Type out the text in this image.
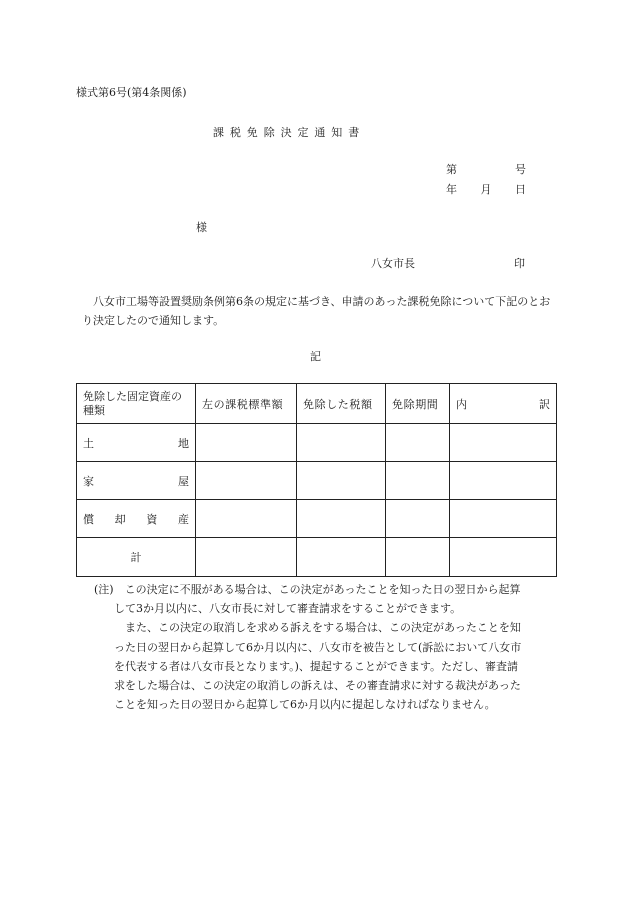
様式第6号(第4条関係)
課税免除決定通知書
第	号
年 月 日
様
八女市長	印
八女市工場等設置奨励条例第6条の規定に基づき、申請のあった課税免除について下記のとおり決定したので通知します。
記
免除した固定資産の種類	左の課税標準額	免除した税額	免除期間	内 訳

土 地				

家 屋				

償 却 資 産				

計				

(注)　この決定に不服がある場合は、この決定があったことを知った日の翌日から起算
して3か月以内に、八女市長に対して審査請求をすることができます。
　また、この決定の取消しを求める訴えをする場合は、この決定があったことを知
った日の翌日から起算して6か月以内に、八女市を被告として(訴訟において八女市
を代表する者は八女市長となります。)、提起することができます。ただし、審査請
求をした場合は、この決定の取消しの訴えは、その審査請求に対する裁決があった
ことを知った日の翌日から起算して6か月以内に提起しなければなりません。
